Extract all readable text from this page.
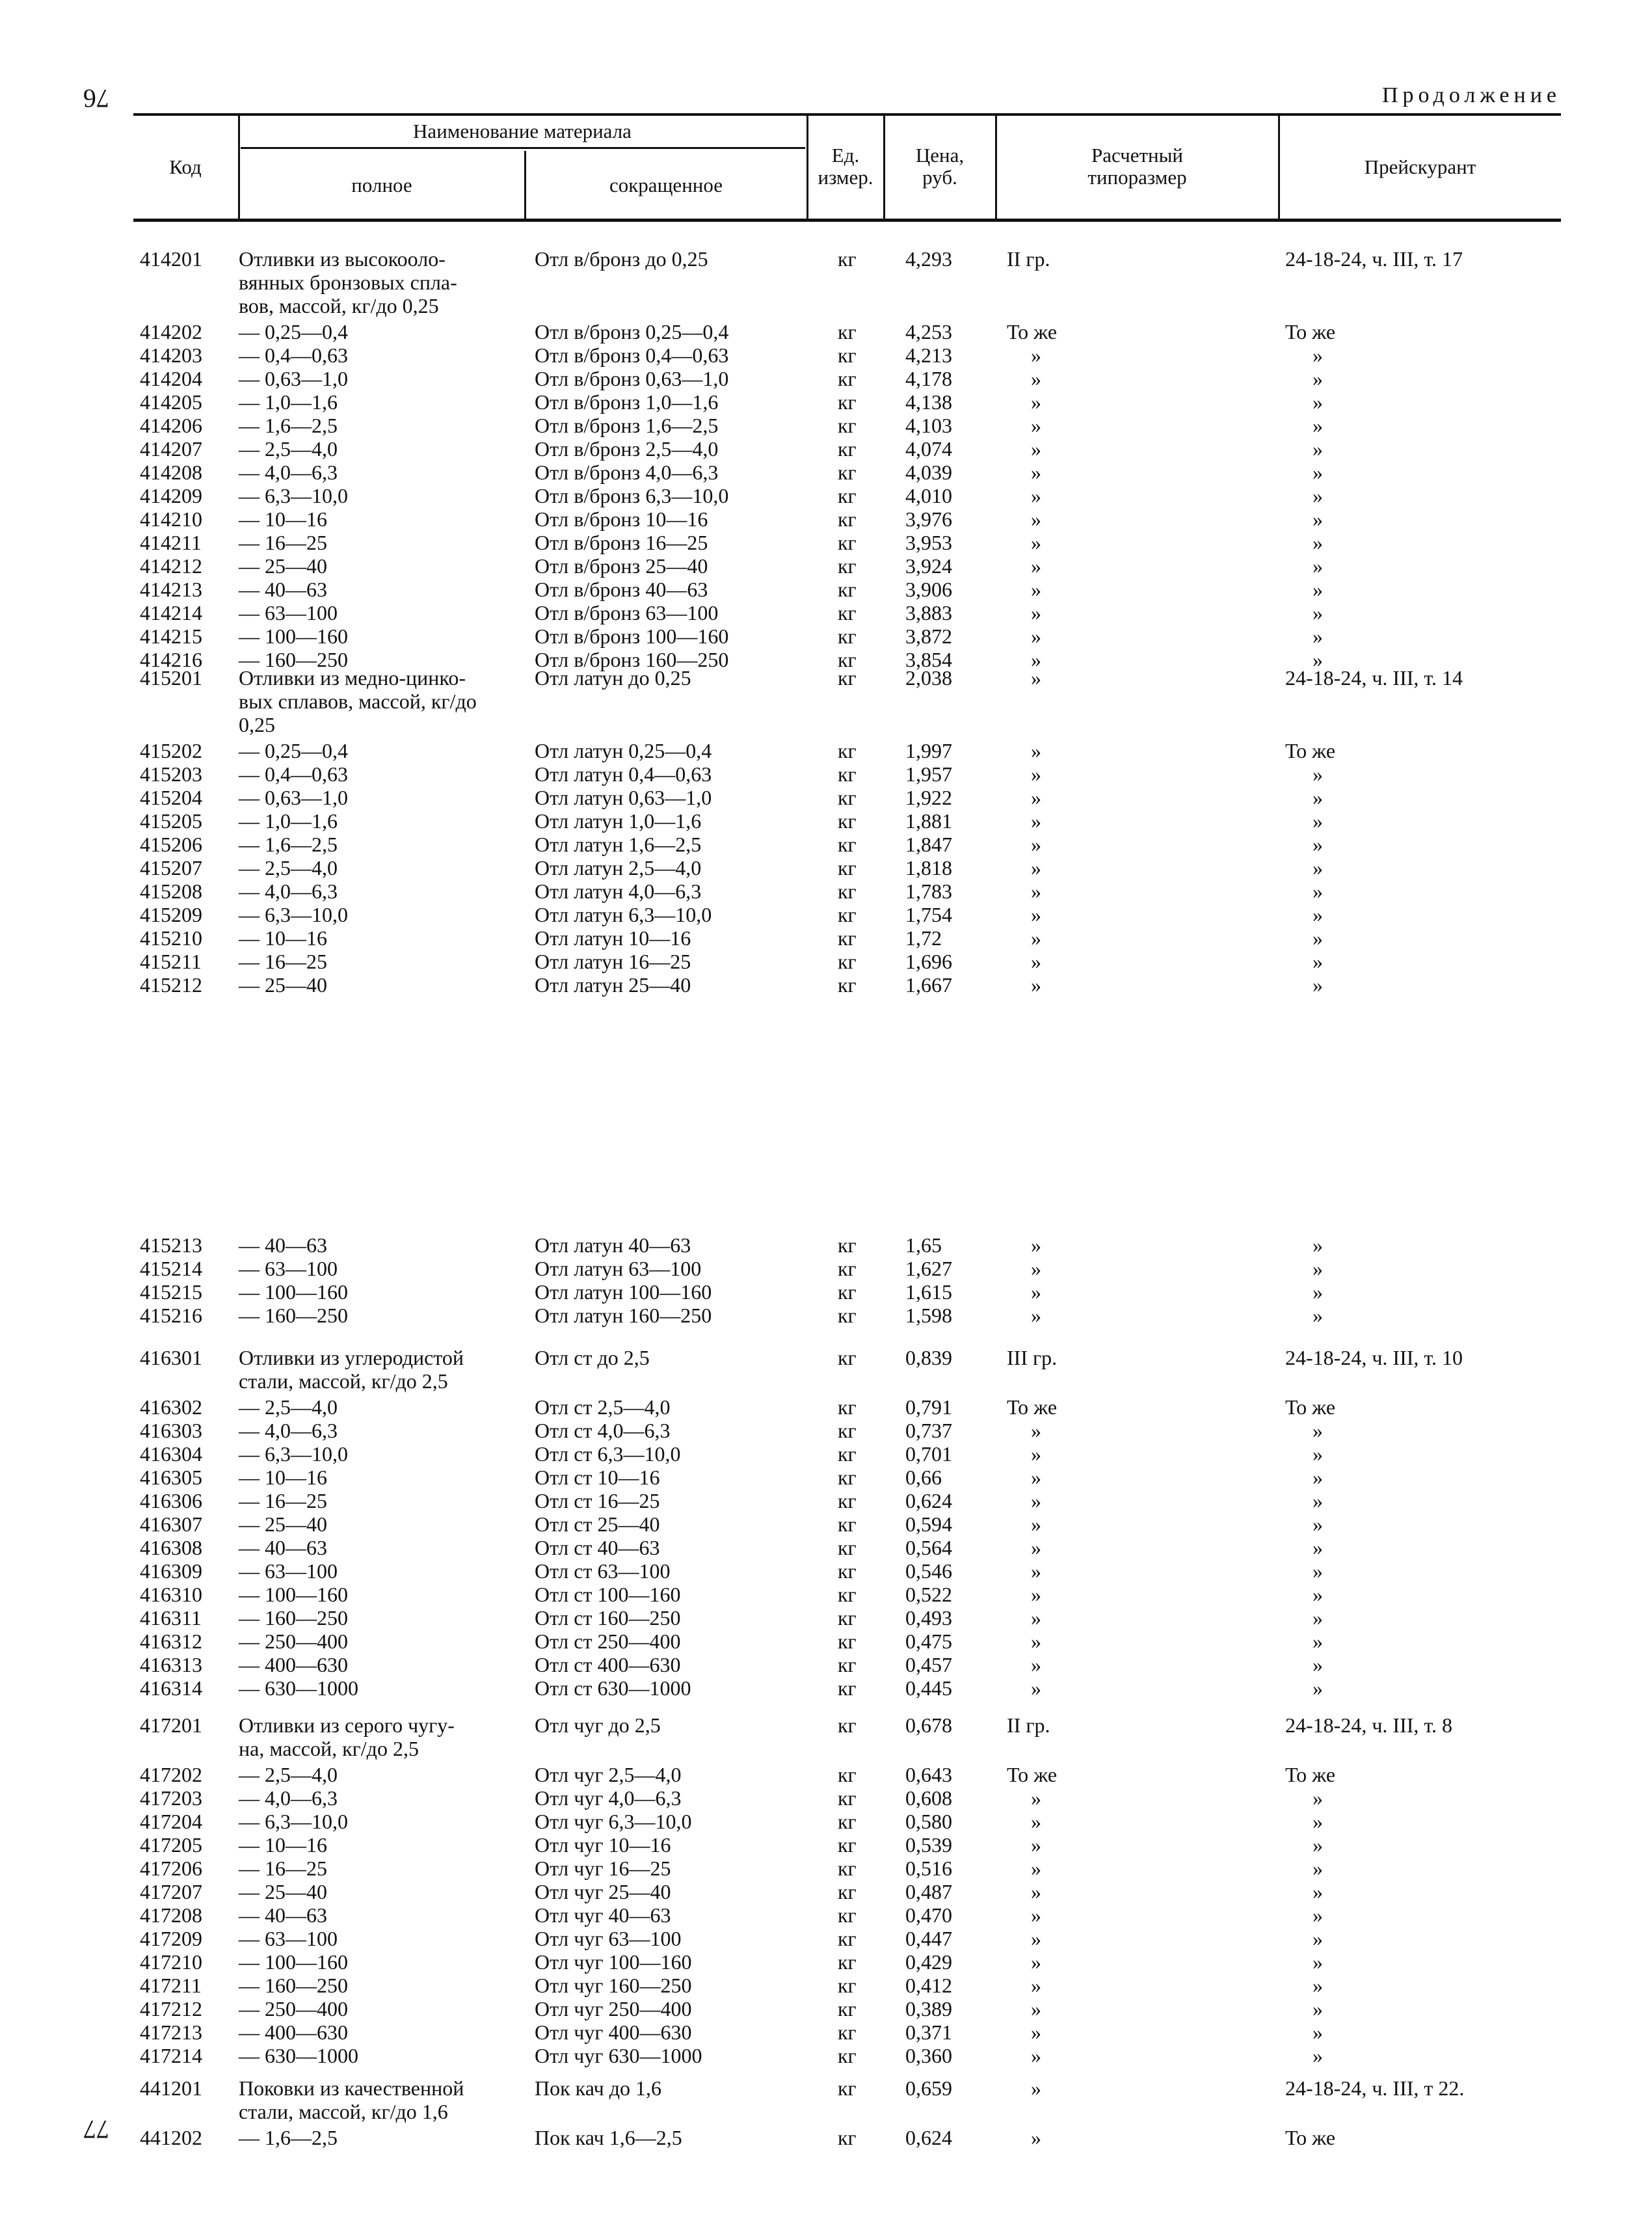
76
77
Продолжение
Код
Наименование материала
полное	сокращенное
Ед.
измер.
Цена,
руб.
Расчетный
типоразмер	Прейскурант
414201 Отливки из высокооло-
вянных бронзовых спла-
вов, массой, кг/до 0,25
Отл в/бронз до 0,25	кг 4,293	II гр.	24-18-24, ч. III, т. 17
414202 — 0,25—0,4	Отл в/бронз 0,25—0,4	кг 4,253	То же	То же
414203 — 0,4—0,63	Отл в/бронз 0,4—0,63	кг 4,213	»	»
414204 — 0,63—1,0	Отл в/бронз 0,63—1,0	кг 4,178	»	»
414205 — 1,0—1,6	Отл в/бронз 1,0—1,6	кг 4,138	»	»
414206 — 1,6—2,5	Отл в/бронз 1,6—2,5	кг 4,103	»	»
414207 — 2,5—4,0	Отл в/бронз 2,5—4,0	кг 4,074	»	»
414208 — 4,0—6,3	Отл в/бронз 4,0—6,3	кг 4,039	»	»
414209 — 6,3—10,0	Отл в/бронз 6,3—10,0	кг 4,010	»	»
414210 — 10—16	Отл в/бронз 10—16	кг 3,976	»	»
414211 — 16—25	Отл в/бронз 16—25	кг 3,953	»	»
414212 — 25—40	Отл в/бронз 25—40	кг 3,924	»	»
414213 — 40—63	Отл в/бронз 40—63	кг 3,906	»	»
414214 — 63—100	Отл в/бронз 63—100	кг 3,883	»	»
414215 — 100—160	Отл в/бронз 100—160	кг 3,872	»	»
414216 — 160—250	Отл в/бронз 160—250	кг 3,854	»	»
415201 Отливки из медно-цинко-
вых сплавов, массой, кг/до
0,25
Отл латун до 0,25	кг 2,038	»	24-18-24, ч. III, т. 14
415202 — 0,25—0,4	Отл латун 0,25—0,4	кг 1,997	»	То же
415203 — 0,4—0,63	Отл латун 0,4—0,63	кг 1,957	»	»
415204 — 0,63—1,0	Отл латун 0,63—1,0	кг 1,922	»	»
415205 — 1,0—1,6	Отл латун 1,0—1,6	кг 1,881	»	»
415206 — 1,6—2,5	Отл латун 1,6—2,5	кг 1,847	»	»
415207 — 2,5—4,0	Отл латун 2,5—4,0	кг 1,818	»	»
415208 — 4,0—6,3	Отл латун 4,0—6,3	кг 1,783	»	»
415209 — 6,3—10,0	Отл латун 6,3—10,0	кг 1,754	»	»
415210 — 10—16	Отл латун 10—16	кг 1,72	»	»
415211 — 16—25	Отл латун 16—25	кг 1,696	»	»
415212 — 25—40	Отл латун 25—40	кг 1,667	»	»
415213 — 40—63	Отл латун 40—63	кг 1,65	»	»
415214 — 63—100	Отл латун 63—100	кг 1,627	»	»
415215 — 100—160	Отл латун 100—160	кг 1,615	»	»
415216 — 160—250	Отл латун 160—250	кг 1,598	»	»
416301 Отливки из углеродистой
стали, массой, кг/до 2,5
Отл ст до 2,5	кг 0,839	III гр.	24-18-24, ч. III, т. 10
416302 — 2,5—4,0	Отл ст 2,5—4,0	кг 0,791	То же	То же
416303 — 4,0—6,3	Отл ст 4,0—6,3	кг 0,737	»	»
416304 — 6,3—10,0	Отл ст 6,3—10,0	кг 0,701	»	»
416305 — 10—16	Отл ст 10—16	кг 0,66	»	»
416306 — 16—25	Отл ст 16—25	кг 0,624	»	»
416307 — 25—40	Отл ст 25—40	кг 0,594	»	»
416308 — 40—63	Отл ст 40—63	кг 0,564	»	»
416309 — 63—100	Отл ст 63—100	кг 0,546	»	»
416310 — 100—160	Отл ст 100—160	кг 0,522	»	»
416311 — 160—250	Отл ст 160—250	кг 0,493	»	»
416312 — 250—400	Отл ст 250—400	кг 0,475	»	»
416313 — 400—630	Отл ст 400—630	кг 0,457	»	»
416314 — 630—1000	Отл ст 630—1000	кг 0,445	»	»
417201 Отливки из серого чугу-
на, массой, кг/до 2,5
Отл чуг до 2,5	кг 0,678	II гр.	24-18-24, ч. III, т. 8
417202 — 2,5—4,0	Отл чуг 2,5—4,0	кг 0,643	То же	То же
417203 — 4,0—6,3	Отл чуг 4,0—6,3	кг 0,608	»	»
417204 — 6,3—10,0	Отл чуг 6,3—10,0	кг 0,580	»	»
417205 — 10—16	Отл чуг 10—16	кг 0,539	»	»
417206 — 16—25	Отл чуг 16—25	кг 0,516	»	»
417207 — 25—40	Отл чуг 25—40	кг 0,487	»	»
417208 — 40—63	Отл чуг 40—63	кг 0,470	»	»
417209 — 63—100	Отл чуг 63—100	кг 0,447	»	»
417210 — 100—160	Отл чуг 100—160	кг 0,429	»	»
417211 — 160—250	Отл чуг 160—250	кг 0,412	»	»
417212 — 250—400	Отл чуг 250—400	кг 0,389	»	»
417213 — 400—630	Отл чуг 400—630	кг 0,371	»	»
417214 — 630—1000	Отл чуг 630—1000	кг 0,360	»	»
441201 Поковки из качественной
стали, массой, кг/до 1,6
Пок кач до 1,6	кг 0,659	»	24-18-24, ч. III, т 22.
441202 — 1,6—2,5	Пок кач 1,6—2,5	кг 0,624	»	То же
